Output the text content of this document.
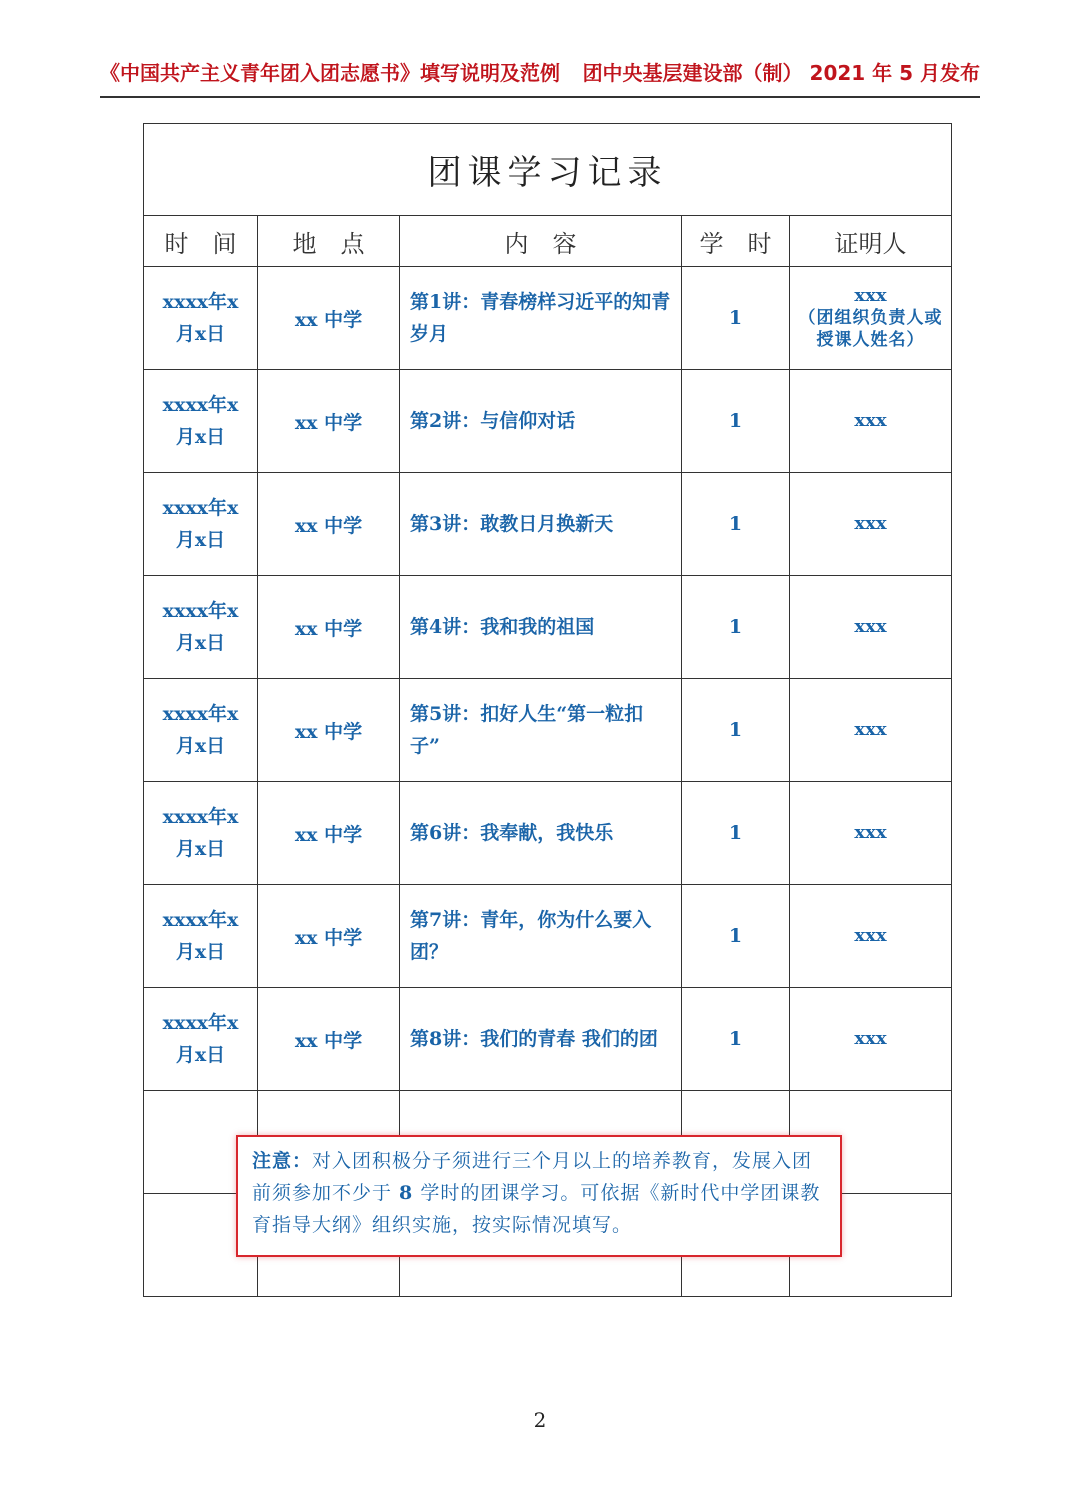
《中国共产主义青年团入团志愿书》填写说明及范例 团中央基层建设部（制） 2021 年 5 月发布
团课学习记录				
时　间	地　点	内　容	学　时	证明人
xxxx年x
月x日	xx 中学	第1讲：青春榜样习近平的知青岁月	1	xxx
（团组织负责人或授课人姓名）
xxxx年x
月x日	xx 中学	第2讲：与信仰对话	1	xxx
xxxx年x
月x日	xx 中学	第3讲：敢教日月换新天	1	xxx
xxxx年x
月x日	xx 中学	第4讲：我和我的祖国	1	xxx
xxxx年x
月x日	xx 中学	第5讲：扣好人生“第一粒扣子”	1	xxx
xxxx年x
月x日	xx 中学	第6讲：我奉献，我快乐	1	xxx
xxxx年x
月x日	xx 中学	第7讲：青年，你为什么要入团？	1	xxx
xxxx年x
月x日	xx 中学	第8讲：我们的青春 我们的团	1	xxx

注意：对入团积极分子须进行三个月以上的培养教育，发展入团前须参加不少于 8 学时的团课学习。可依据《新时代中学团课教育指导大纲》组织实施，按实际情况填写。
2
